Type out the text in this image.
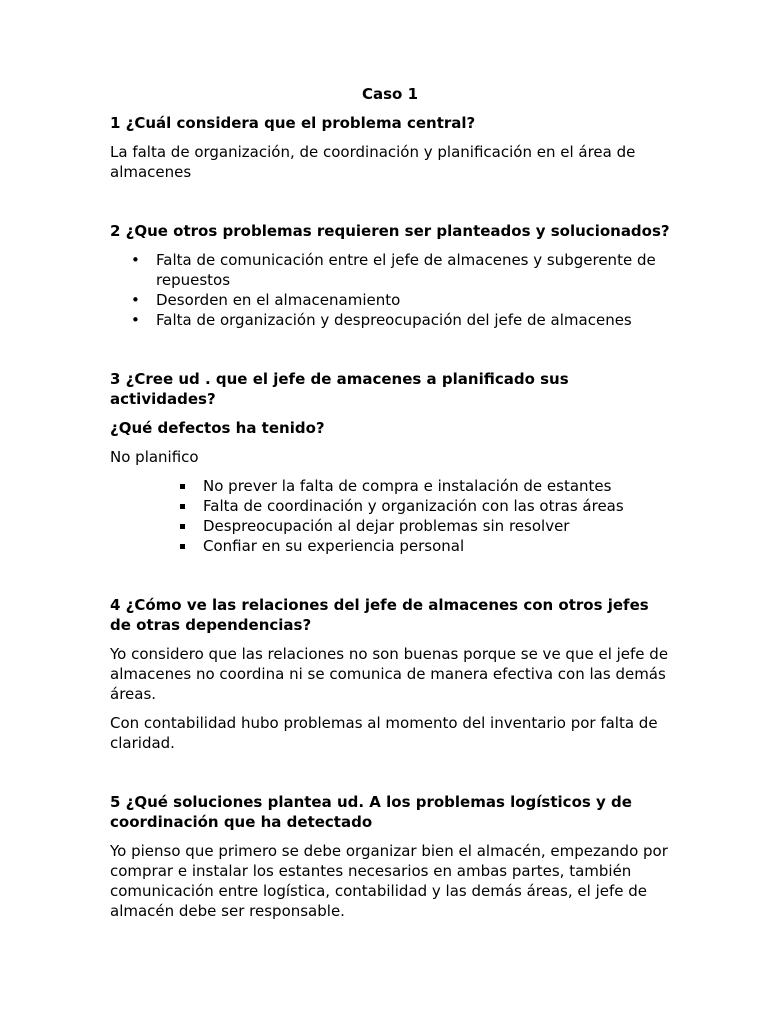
Caso 1
1 ¿Cuál considera que el problema central?
La falta de organización, de coordinación y planificación en el área de almacenes
2 ¿Que otros problemas requieren ser planteados y solucionados?
• Falta de comunicación entre el jefe de almacenes y subgerente de repuestos
• Desorden en el almacenamiento
• Falta de organización y despreocupación del jefe de almacenes
3 ¿Cree ud . que el jefe de amacenes a planificado sus actividades?
¿Qué defectos ha tenido?
No planifico
No prever la falta de compra e instalación de estantes
Falta de coordinación y organización con las otras áreas
Despreocupación al dejar problemas sin resolver
Confiar en su experiencia personal
4 ¿Cómo ve las relaciones del jefe de almacenes con otros jefes de otras dependencias?
Yo considero que las relaciones no son buenas porque se ve que el jefe de almacenes no coordina ni se comunica de manera efectiva con las demás áreas.
Con contabilidad hubo problemas al momento del inventario por falta de claridad.
5 ¿Qué soluciones plantea ud. A los problemas logísticos y de coordinación que ha detectado
Yo pienso que primero se debe organizar bien el almacén, empezando por comprar e instalar los estantes necesarios en ambas partes, también comunicación entre logística, contabilidad y las demás áreas, el jefe de almacén debe ser responsable.
